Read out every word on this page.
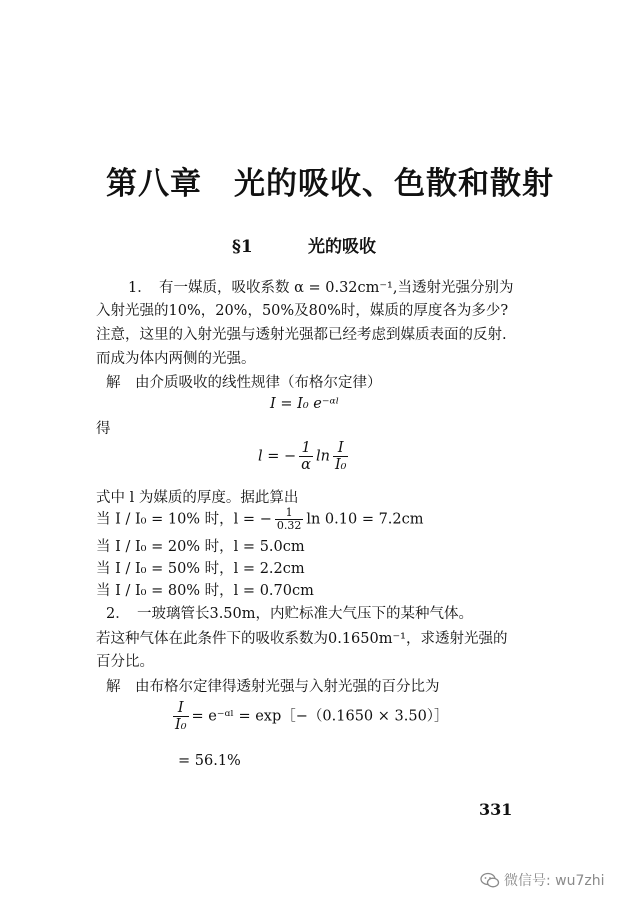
第八章　光的吸收、色散和散射
§1	光的吸收
1．　有一媒质，吸收系数 α = 0.32cm⁻¹,当透射光强分别为
入射光强的10%，20%，50%及80%时，媒质的厚度各为多少?
注意，这里的入射光强与透射光强都已经考虑到媒质表面的反射.
而成为体内两侧的光强。
解　由介质吸收的线性规律（布格尔定律）
I = I₀ e⁻ᵅˡ
得
l = − $\frac{1}{\alpha}$ $\ln \frac{I}{\text{I₀}}$
式中 l 为媒质的厚度。据此算出
当 I / I₀ = 10% 时，l = − $\frac{1}{0.32}$ ln 0.10 = 7.2cm
当 I / I₀ = 20% 时，l = 5.0cm
当 I / I₀ = 50% 时，l = 2.2cm
当 I / I₀ = 80% 时，l = 0.70cm
2．　一玻璃管长3.50m，内贮标准大气压下的某种气体。
若这种气体在此条件下的吸收系数为0.1650m⁻¹，求透射光强的
百分比。
解　由布格尔定律得透射光强与入射光强的百分比为
$\frac{I}{\text{I₀}}$ = e⁻ᵅˡ = exp［−（0.1650 × 3.50）］
= 56.1%
331
微信号: wu7zhi
